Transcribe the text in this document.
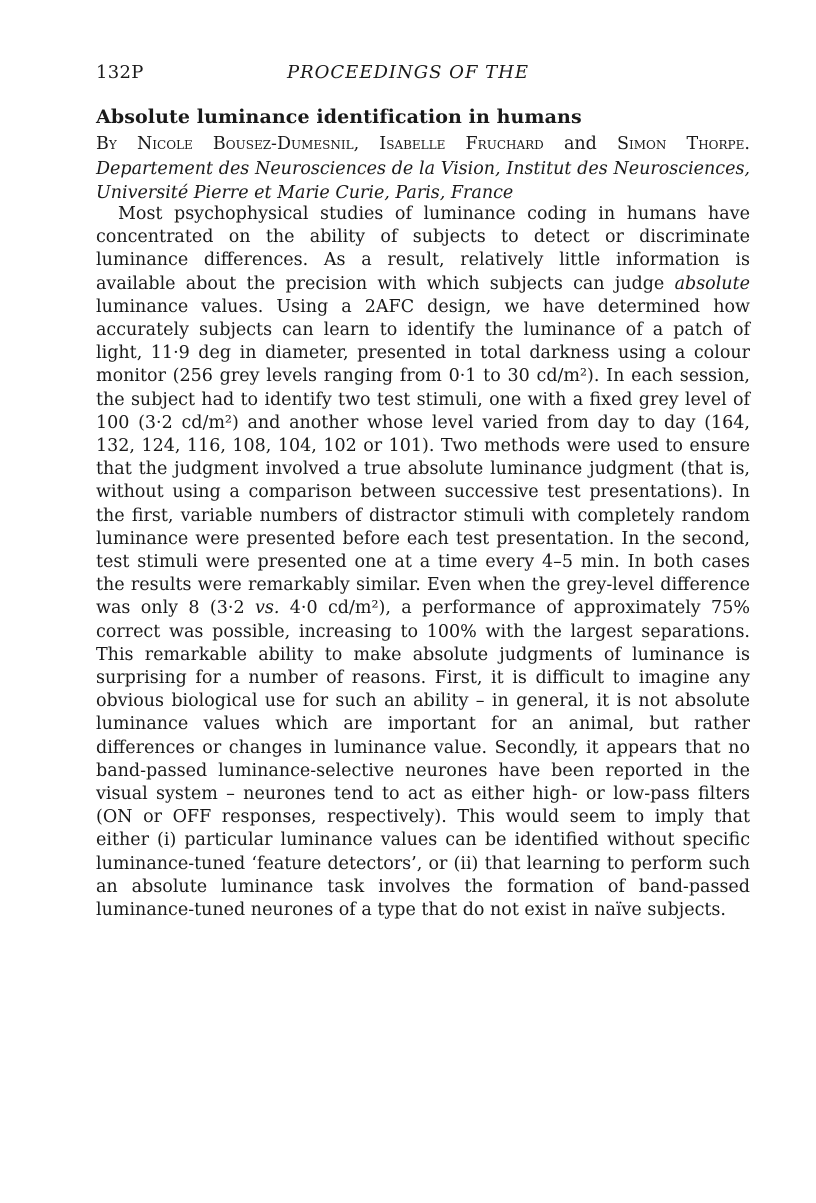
132P	PROCEEDINGS OF THE
Absolute luminance identification in humans
By Nicole Bousez-Dumesnil, Isabelle Fruchard and Simon Thorpe. Departement des Neurosciences de la Vision, Institut des Neurosciences, Université Pierre et Marie Curie, Paris, France

Most psychophysical studies of luminance coding in humans have concentrated on the ability of subjects to detect or discriminate luminance differences. As a result, relatively little information is available about the precision with which subjects can judge absolute luminance values. Using a 2AFC design, we have determined how accurately subjects can learn to identify the luminance of a patch of light, 11·9 deg in diameter, presented in total darkness using a colour monitor (256 grey levels ranging from 0·1 to 30 cd/m²). In each session, the subject had to identify two test stimuli, one with a fixed grey level of 100 (3·2 cd/m²) and another whose level varied from day to day (164, 132, 124, 116, 108, 104, 102 or 101). Two methods were used to ensure that the judgment involved a true absolute luminance judgment (that is, without using a comparison between successive test presentations). In the first, variable numbers of distractor stimuli with completely random luminance were presented before each test presentation. In the second, test stimuli were presented one at a time every 4–5 min. In both cases the results were remarkably similar. Even when the grey-level difference was only 8 (3·2 vs. 4·0 cd/m²), a performance of approximately 75% correct was possible, increasing to 100% with the largest separations. This remarkable ability to make absolute judgments of luminance is surprising for a number of reasons. First, it is difficult to imagine any obvious biological use for such an ability – in general, it is not absolute luminance values which are important for an animal, but rather differences or changes in luminance value. Secondly, it appears that no band-passed luminance-selective neurones have been reported in the visual system – neurones tend to act as either high- or low-pass filters (ON or OFF responses, respectively). This would seem to imply that either (i) particular luminance values can be identified without specific luminance-tuned ‘feature detectors’, or (ii) that learning to perform such an absolute luminance task involves the formation of band-passed luminance-tuned neurones of a type that do not exist in naïve subjects.
